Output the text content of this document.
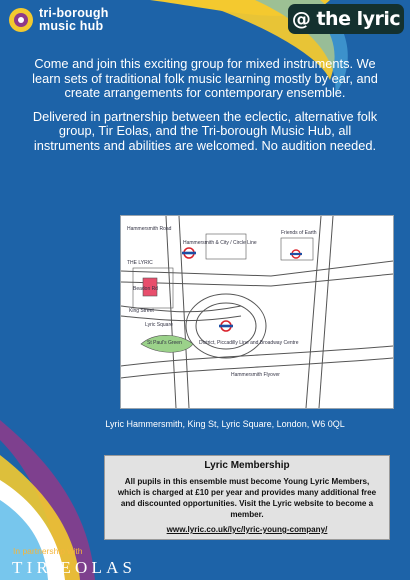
tri-borough
music hub	@ the lyric

Come and join this exciting group for mixed instruments. We learn sets of traditional folk music learning mostly by ear, and create arrangements for contemporary ensemble.

Delivered in partnership between the eclectic, alternative folk group, Tir Eolas, and the Tri-borough Music Hub, all instruments and abilities are welcomed. No audition needed.

Hammersmith & City / Circle Line
THE LYRIC
King Street
Lyric Square
District, Piccadilly Line and Broadway Centre
St Paul's Green
Hammersmith Flyover
Hammersmith Road
Friends of Earth
Beadon Rd
Lyric Hammersmith, King St, Lyric Square, London, W6 0QL
Lyric Membership
All pupils in this ensemble must become Young Lyric Members, which is charged at £10 per year and provides many additional free and discounted opportunities. Visit the Lyric website to become a member.
www.lyric.co.uk/lyc/lyric-young-company/
In partnership with
TIR EOLAS
